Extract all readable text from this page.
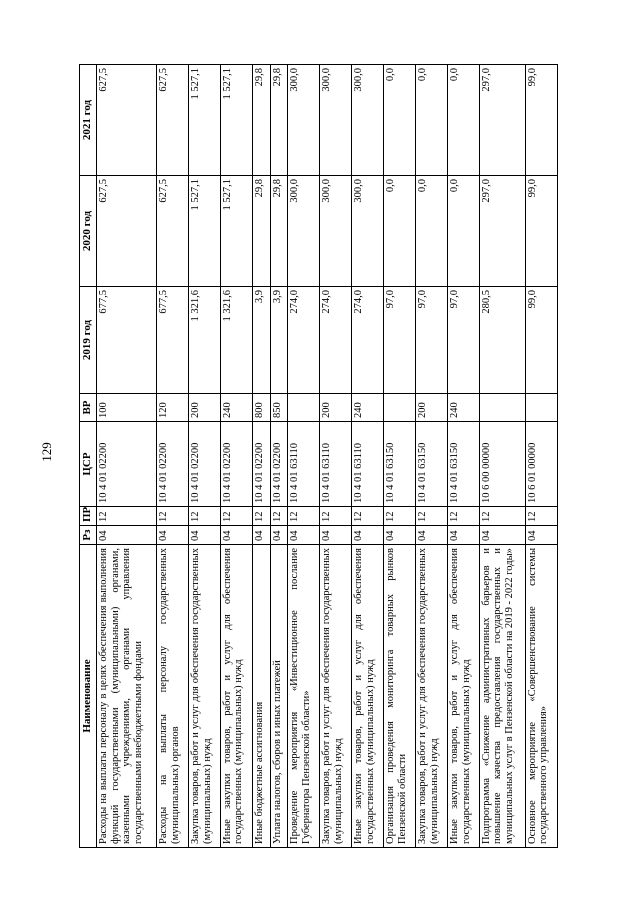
129
Наименование	Рз	ПР	ЦСР	ВР	2019 год	2020 год	2021 год
Расходы на выплаты персоналу в целях обеспечения выполнения функций государственными (муниципальными) органами, казенными учреждениями, органами управления государственными внебюджетными фондами	04	12	10 4 01 02200	100	677,5	627,5	627,5
Расходы на выплаты персоналу государственных (муниципальных) органов	04	12	10 4 01 02200	120	677,5	627,5	627,5
Закупка товаров, работ и услуг для обеспечения государственных (муниципальных) нужд	04	12	10 4 01 02200	200	1 321,6	1 527,1	1 527,1
Иные закупки товаров, работ и услуг для обеспечения государственных (муниципальных) нужд	04	12	10 4 01 02200	240	1 321,6	1 527,1	1 527,1
Иные бюджетные ассигнования	04	12	10 4 01 02200	800	3,9	29,8	29,8
Уплата налогов, сборов и иных платежей	04	12	10 4 01 02200	850	3,9	29,8	29,8
Проведение мероприятия «Инвестиционное послание Губернатора Пензенской области»	04	12	10 4 01 63110		274,0	300,0	300,0
Закупка товаров, работ и услуг для обеспечения государственных (муниципальных) нужд	04	12	10 4 01 63110	200	274,0	300,0	300,0
Иные закупки товаров, работ и услуг для обеспечения государственных (муниципальных) нужд	04	12	10 4 01 63110	240	274,0	300,0	300,0
Организация проведения мониторинга товарных рынков Пензенской области	04	12	10 4 01 63150		97,0	0,0	0,0
Закупка товаров, работ и услуг для обеспечения государственных (муниципальных) нужд	04	12	10 4 01 63150	200	97,0	0,0	0,0
Иные закупки товаров, работ и услуг для обеспечения государственных (муниципальных) нужд	04	12	10 4 01 63150	240	97,0	0,0	0,0
Подпрограмма «Снижение административных барьеров и повышение качества предоставления государственных и муниципальных услуг в Пензенской области на 2019 - 2022 годы»	04	12	10 6 00 00000		280,5	297,0	297,0
Основное мероприятие «Совершенствование системы государственного управления»	04	12	10 6 01 00000		99,0	99,0	99,0
